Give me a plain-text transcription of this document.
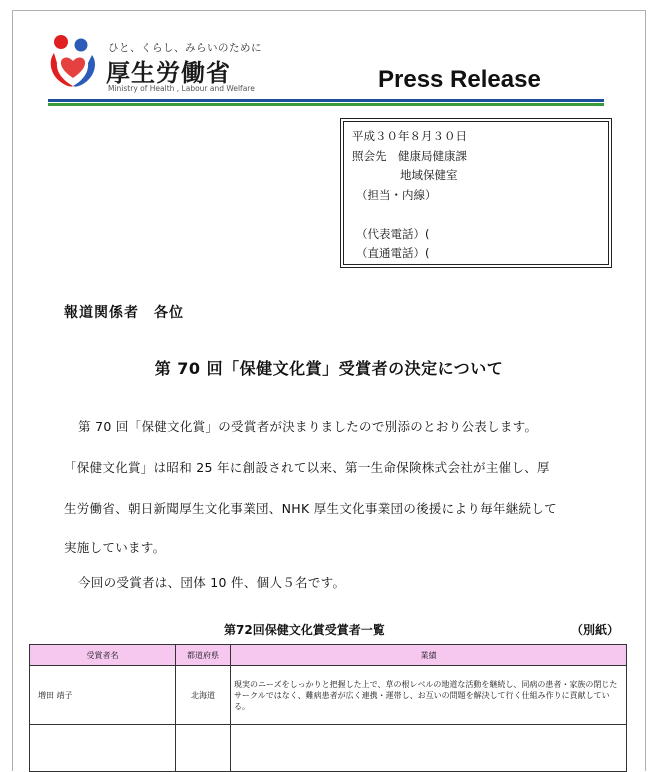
ひと、くらし、みらいのために
厚生労働省
Ministry of Health , Labour and Welfare	Press Release
平成３０年８月３０日
照会先　 健康局健康課
地域保健室
（担当・内線）

（代表電話）(
（直通電話）(
報道関係者　各位
第 70 回「保健文化賞」受賞者の決定について
第 70 回「保健文化賞」の受賞者が決まりましたので別添のとおり公表します。
「保健文化賞」は昭和 25 年に創設されて以来、第一生命保険株式会社が主催し、厚
生労働省、朝日新聞厚生文化事業団、NHK 厚生文化事業団の後援により毎年継続して
実施しています。
今回の受賞者は、団体 10 件、個人５名です。
第72回保健文化賞受賞者一覧	（別紙）
受賞者名	都道府県	業績
増田 靖子	北海道	現実のニーズをしっかりと把握した上で、草の根レベルの地道な活動を継続し、同病の患者・家族の閉じたサークルではなく、難病患者が広く連携・運帯し、お互いの問題を解決して行く仕組み作りに貢献している。
